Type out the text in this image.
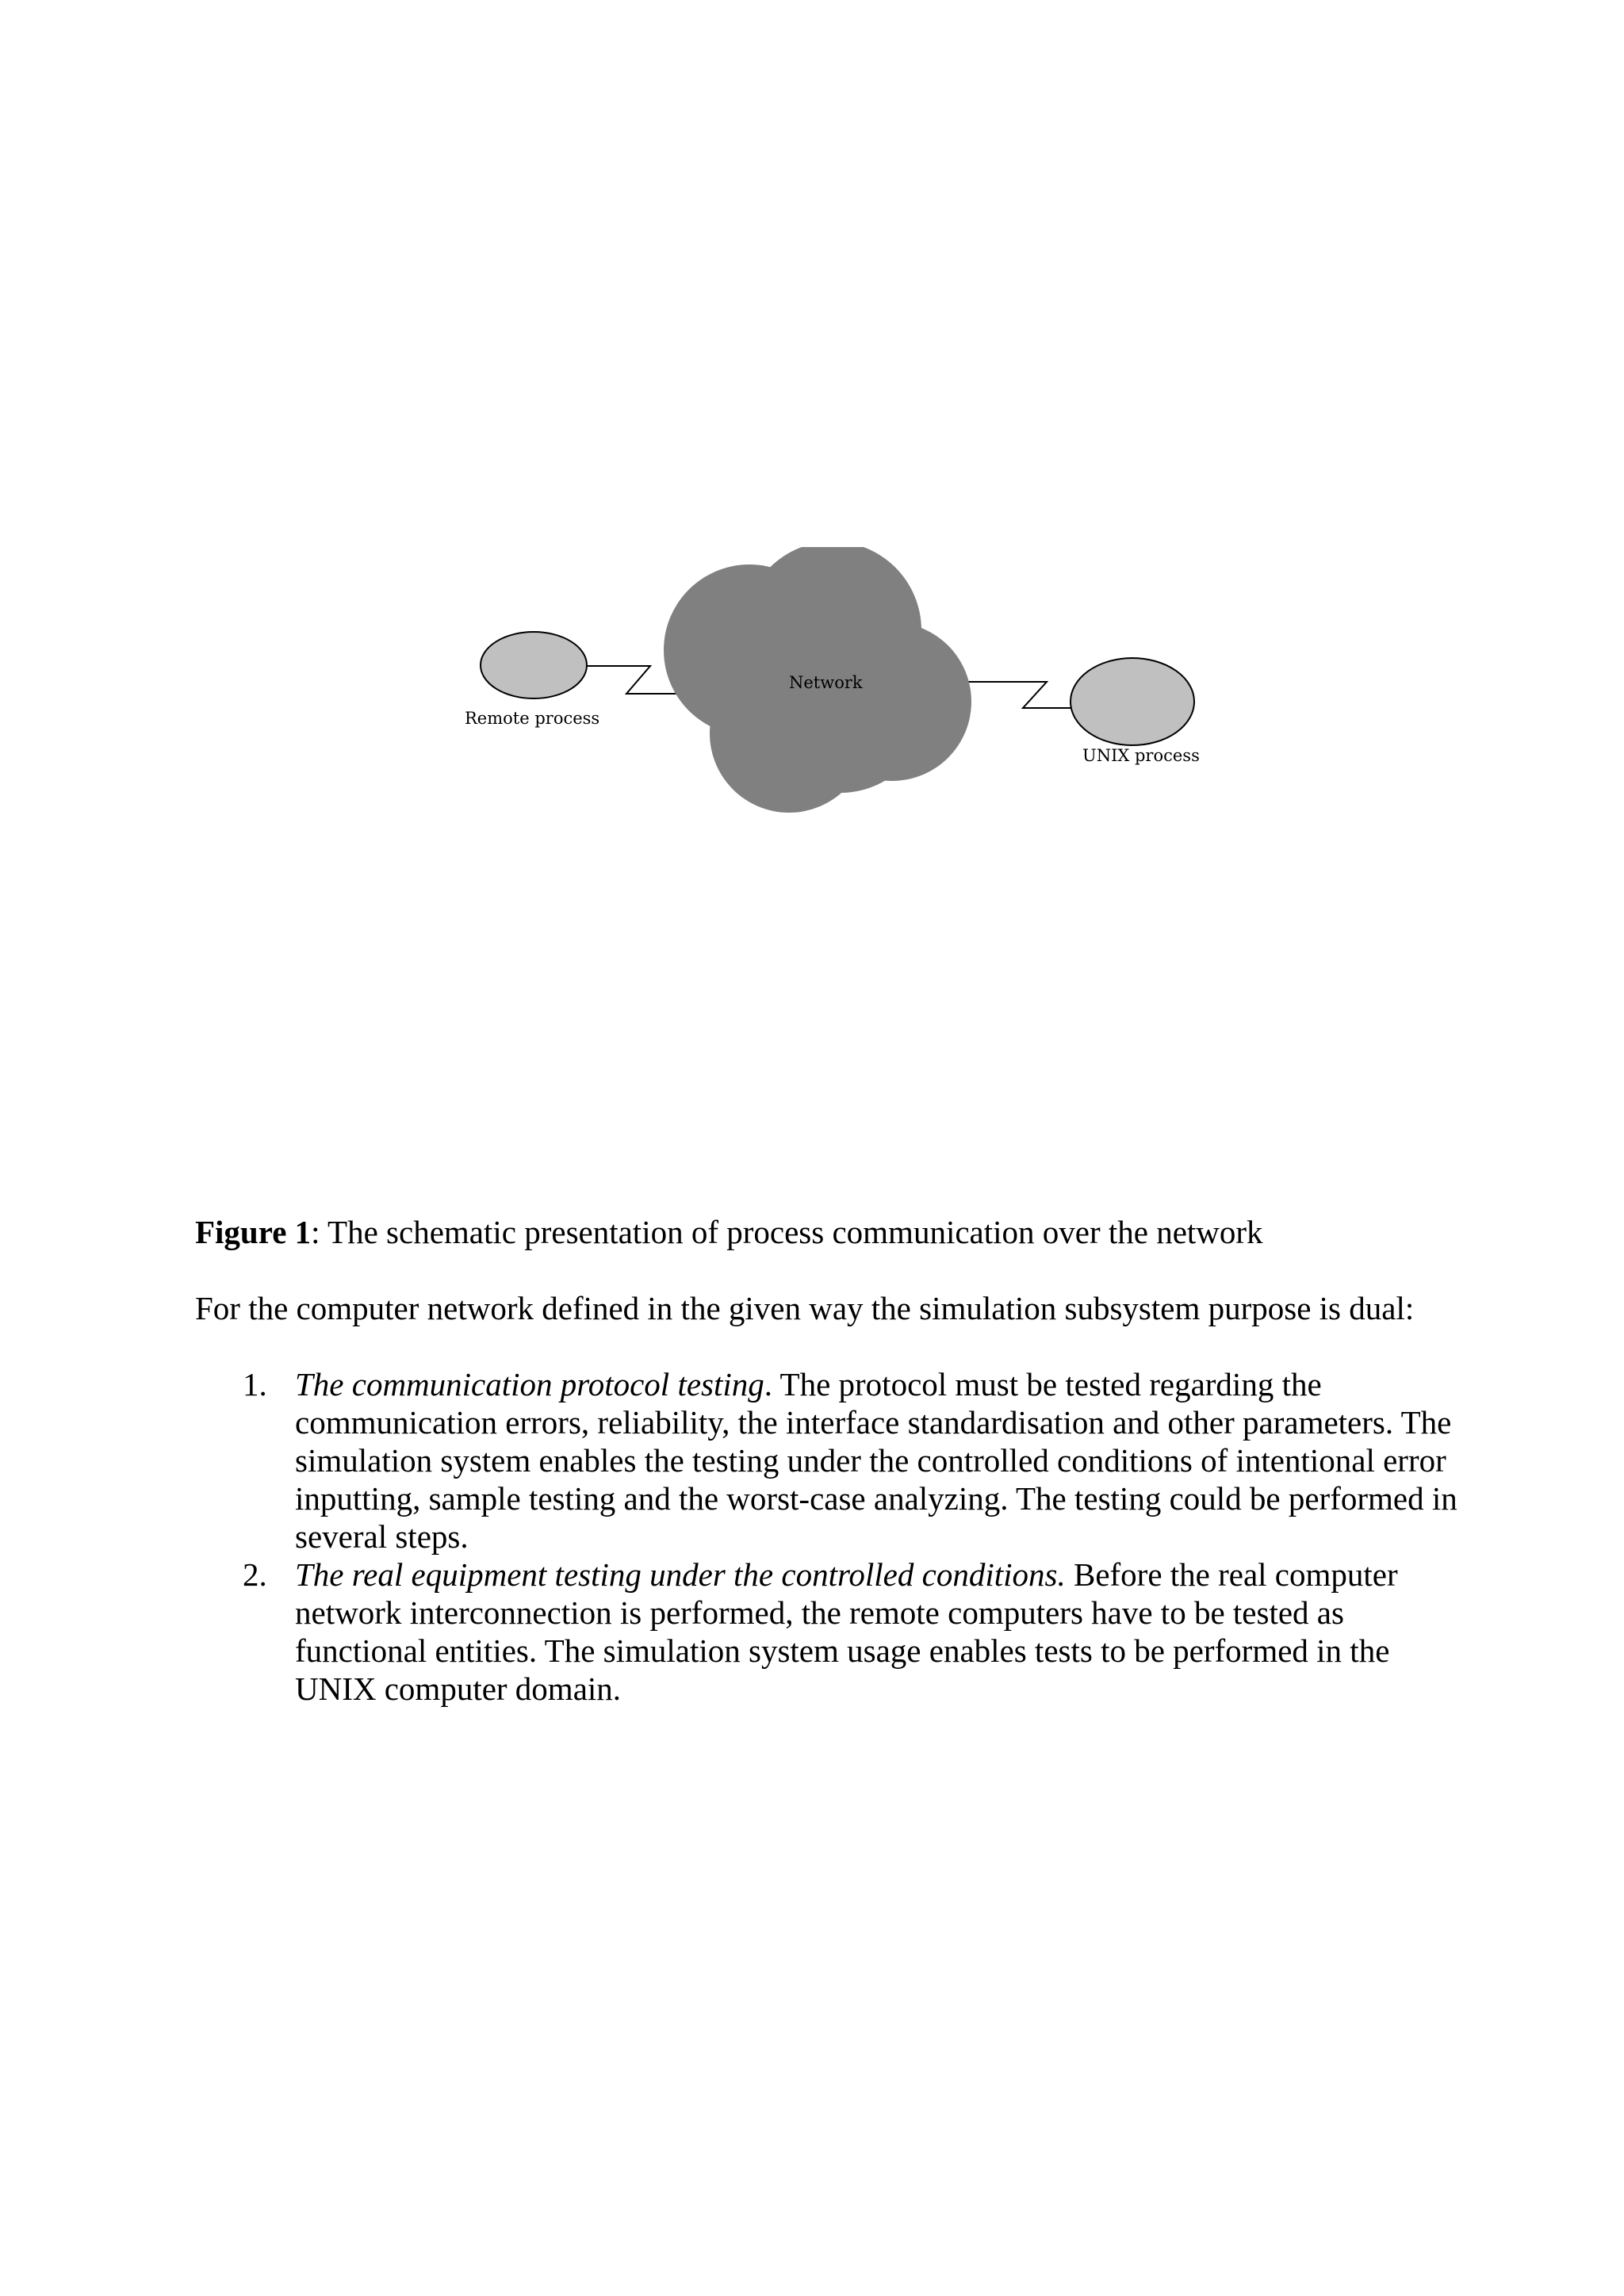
Network
Remote process
UNIX process

Figure 1: The schematic presentation of process communication over the network

For the computer network defined in the given way the simulation subsystem purpose is dual:

1. The communication protocol testing. The protocol must be tested regarding the communication errors, reliability, the interface standardisation and other parameters. The simulation system enables the testing under the controlled conditions of intentional error inputting, sample testing and the worst-case analyzing. The testing could be performed in several steps.
2. The real equipment testing under the controlled conditions. Before the real computer network interconnection is performed, the remote computers have to be tested as functional entities. The simulation system usage enables tests to be performed in the UNIX computer domain.
